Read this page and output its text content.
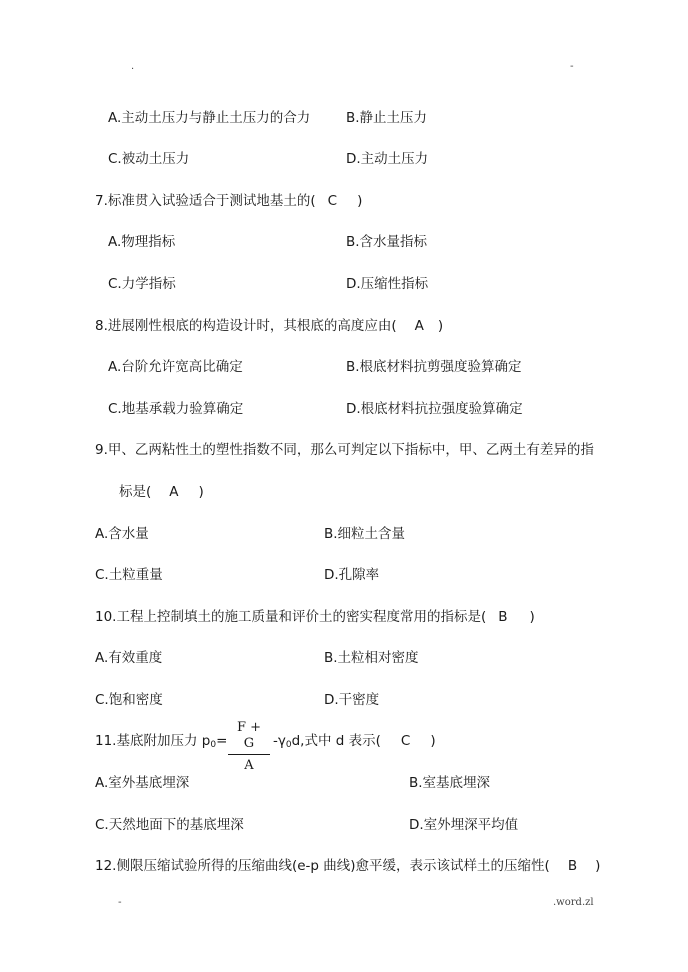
.	-
A.主动土压力与静止土压力的合力	B.静止土压力
C.被动土压力	D.主动土压力
7.标准贯入试验适合于测试地基土的( C )
A.物理指标	B.含水量指标
C.力学指标	D.压缩性指标
8.进展刚性根底的构造设计时，其根底的高度应由( A )
A.台阶允许宽高比确定	B.根底材料抗剪强度验算确定
C.地基承载力验算确定	D.根底材料抗拉强度验算确定
9.甲、乙两粘性土的塑性指数不同，那么可判定以下指标中，甲、乙两土有差异的指
标是( A )
A.含水量	B.细粒土含量
C.土粒重量	D.孔隙率
10.工程上控制填土的施工质量和评价土的密实程度常用的指标是( B )
A.有效重度	B.土粒相对密度
C.饱和密度	D.干密度
11.基底附加压力 $p_0=$
F + G
A
$-\gamma_0d$,式中 d 表示( C )
A.室外基底埋深	B.室基底埋深
C.天然地面下的基底埋深	D.室外埋深平均值
12.侧限压缩试验所得的压缩曲线(e-p 曲线)愈平缓，表示该试样土的压缩性( B )
-	.word.zl
